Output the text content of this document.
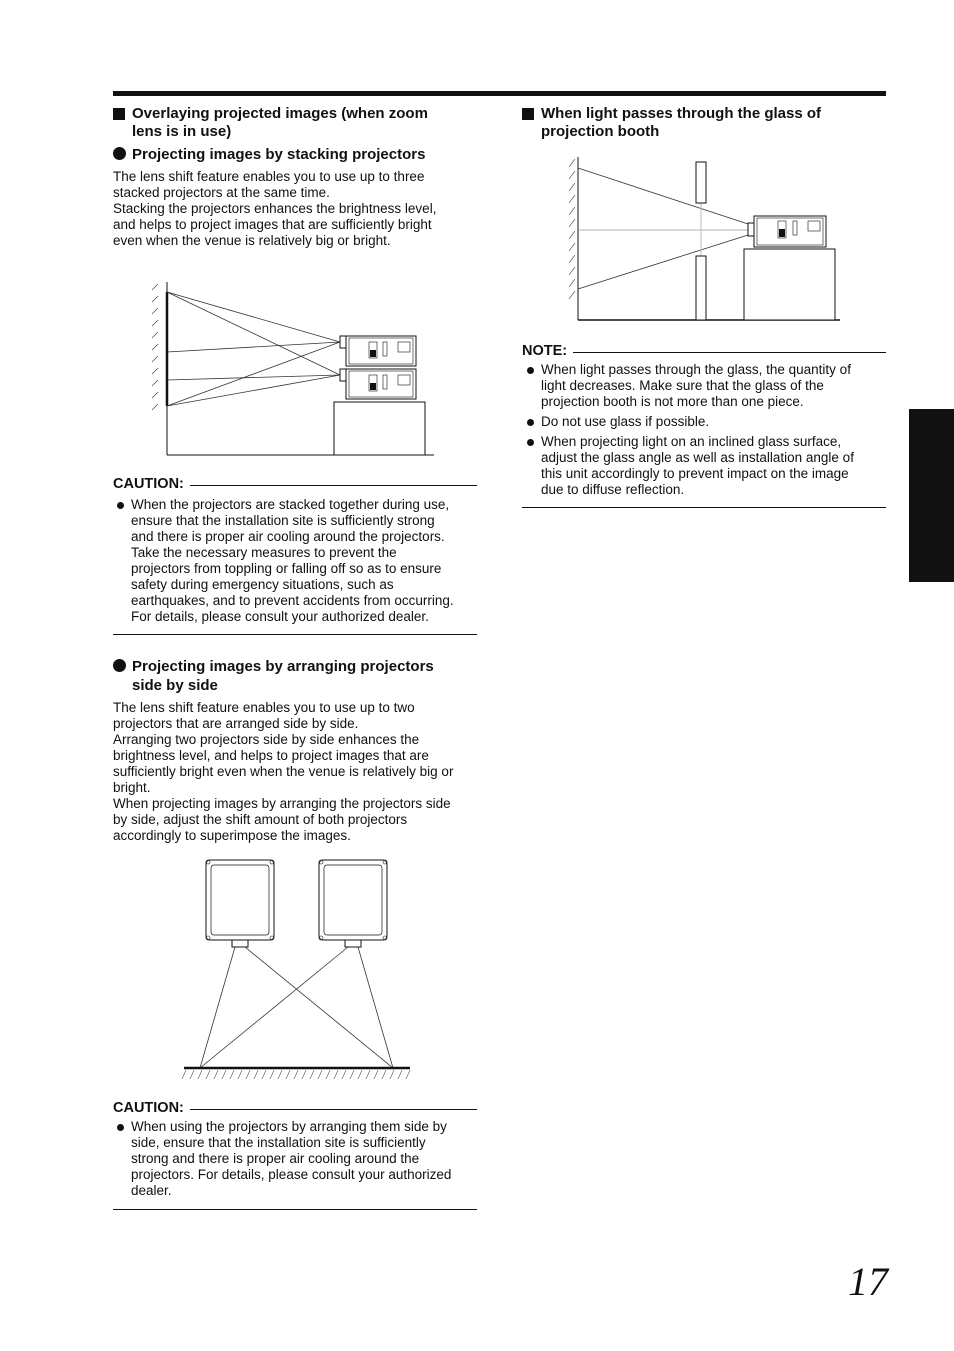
Overlaying projected images (when zoom
lens is in use)
Projecting images by stacking projectors
The lens shift feature enables you to use up to three
stacked projectors at the same time.
Stacking the projectors enhances the brightness level,
and helps to project images that are sufficiently bright
even when the venue is relatively big or bright.
CAUTION:
When the projectors are stacked together during use,
ensure that the installation site is sufficiently strong
and there is proper air cooling around the projectors.
Take the necessary measures to prevent the
projectors from toppling or falling off so as to ensure
safety during emergency situations, such as
earthquakes, and to prevent accidents from occurring.
For details, please consult your authorized dealer.
Projecting images by arranging projectors
side by side
The lens shift feature enables you to use up to two
projectors that are arranged side by side.
Arranging two projectors side by side enhances the
brightness level, and helps to project images that are
sufficiently bright even when the venue is relatively big or
bright.
When projecting images by arranging the projectors side
by side, adjust the shift amount of both projectors
accordingly to superimpose the images.
CAUTION:
When using the projectors by arranging them side by
side, ensure that the installation site is sufficiently
strong and there is proper air cooling around the
projectors. For details, please consult your authorized
dealer.
When light passes through the glass of
projection booth
NOTE:
When light passes through the glass, the quantity of
light decreases. Make sure that the glass of the
projection booth is not more than one piece.
Do not use glass if possible.
When projecting light on an inclined glass surface,
adjust the glass angle as well as installation angle of
this unit accordingly to prevent impact on the image
due to diffuse reflection.
17
